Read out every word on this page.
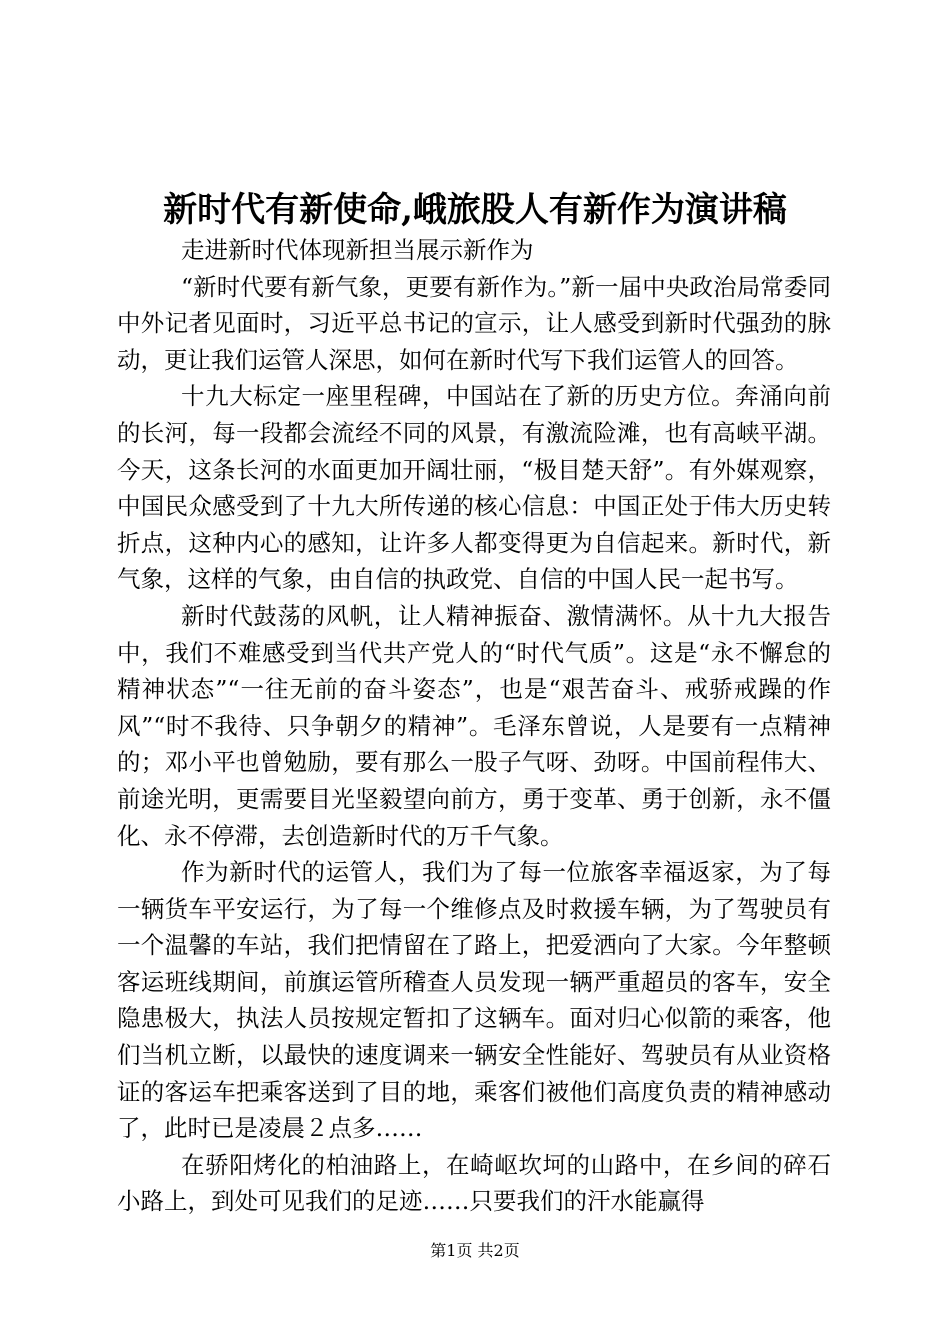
新时代有新使命,峨旅股人有新作为演讲稿

走进新时代体现新担当展示新作为

“新时代要有新气象，更要有新作为。”新一届中央政治局常委同中外记者见面时，习近平总书记的宣示，让人感受到新时代强劲的脉动，更让我们运管人深思，如何在新时代写下我们运管人的回答。

十九大标定一座里程碑，中国站在了新的历史方位。奔涌向前的长河，每一段都会流经不同的风景，有激流险滩，也有高峡平湖。今天，这条长河的水面更加开阔壮丽，“极目楚天舒”。有外媒观察，中国民众感受到了十九大所传递的核心信息：中国正处于伟大历史转折点，这种内心的感知，让许多人都变得更为自信起来。新时代，新气象，这样的气象，由自信的执政党、自信的中国人民一起书写。

新时代鼓荡的风帆，让人精神振奋、激情满怀。从十九大报告中，我们不难感受到当代共产党人的“时代气质”。这是“永不懈怠的精神状态”“一往无前的奋斗姿态”，也是“艰苦奋斗、戒骄戒躁的作风”“时不我待、只争朝夕的精神”。毛泽东曾说，人是要有一点精神的；邓小平也曾勉励，要有那么一股子气呀、劲呀。中国前程伟大、前途光明，更需要目光坚毅望向前方，勇于变革、勇于创新，永不僵化、永不停滞，去创造新时代的万千气象。

作为新时代的运管人，我们为了每一位旅客幸福返家，为了每一辆货车平安运行，为了每一个维修点及时救援车辆，为了驾驶员有一个温馨的车站，我们把情留在了路上，把爱洒向了大家。今年整顿客运班线期间，前旗运管所稽查人员发现一辆严重超员的客车，安全隐患极大，执法人员按规定暂扣了这辆车。面对归心似箭的乘客，他们当机立断，以最快的速度调来一辆安全性能好、驾驶员有从业资格证的客运车把乘客送到了目的地，乘客们被他们高度负责的精神感动了，此时已是凌晨２点多……

在骄阳烤化的柏油路上，在崎岖坎坷的山路中，在乡间的碎石小路上，到处可见我们的足迹……只要我们的汗水能赢得

第1页 共2页
